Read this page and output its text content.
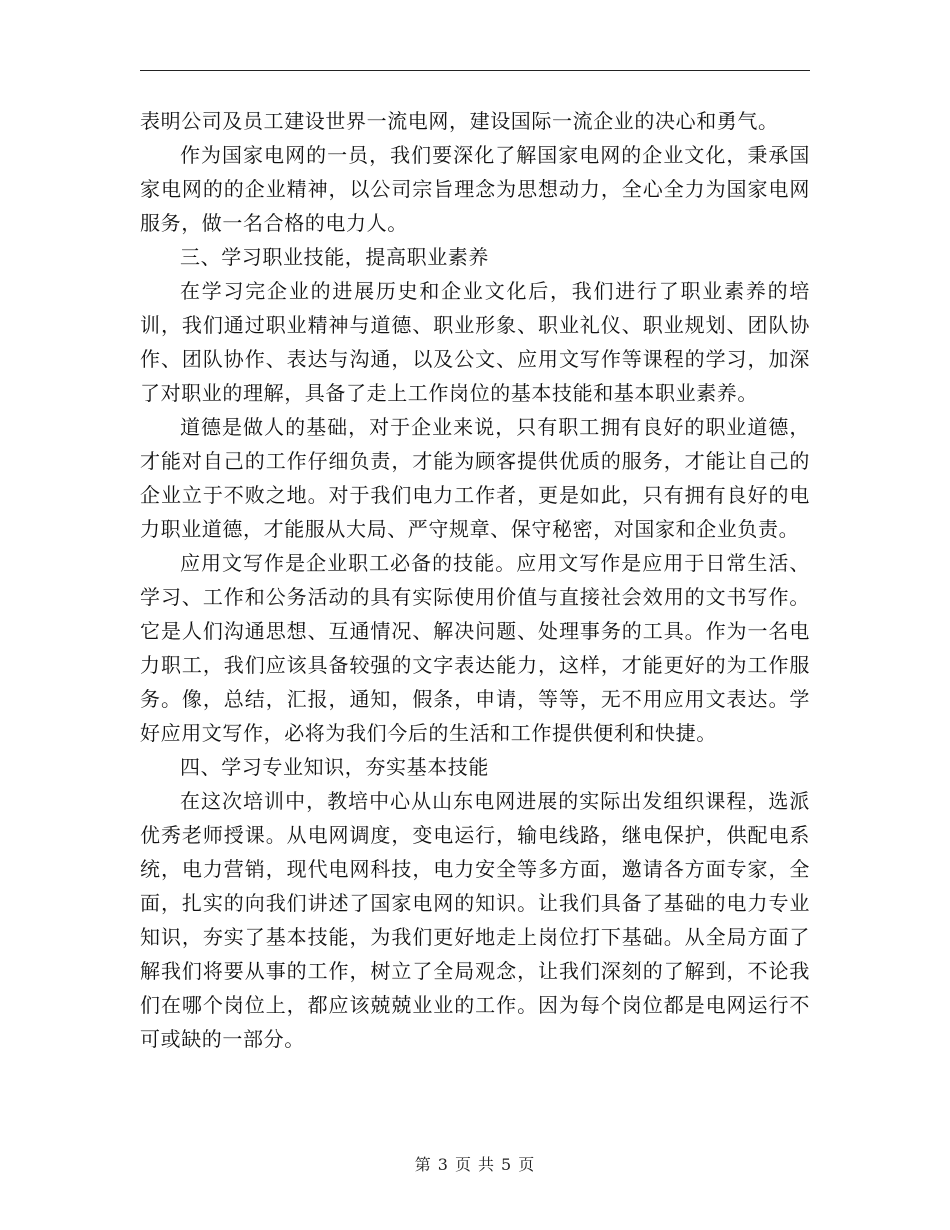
表明公司及员工建设世界一流电网，建设国际一流企业的决心和勇气。

作为国家电网的一员，我们要深化了解国家电网的企业文化，秉承国家电网的的企业精神，以公司宗旨理念为思想动力，全心全力为国家电网服务，做一名合格的电力人。

三、学习职业技能，提高职业素养

在学习完企业的进展历史和企业文化后，我们进行了职业素养的培训，我们通过职业精神与道德、职业形象、职业礼仪、职业规划、团队协作、团队协作、表达与沟通，以及公文、应用文写作等课程的学习，加深了对职业的理解，具备了走上工作岗位的基本技能和基本职业素养。

道德是做人的基础，对于企业来说，只有职工拥有良好的职业道德，才能对自己的工作仔细负责，才能为顾客提供优质的服务，才能让自己的企业立于不败之地。对于我们电力工作者，更是如此，只有拥有良好的电力职业道德，才能服从大局、严守规章、保守秘密，对国家和企业负责。

应用文写作是企业职工必备的技能。应用文写作是应用于日常生活、学习、工作和公务活动的具有实际使用价值与直接社会效用的文书写作。它是人们沟通思想、互通情况、解决问题、处理事务的工具。作为一名电力职工，我们应该具备较强的文字表达能力，这样，才能更好的为工作服务。像，总结，汇报，通知，假条，申请，等等，无不用应用文表达。学好应用文写作，必将为我们今后的生活和工作提供便利和快捷。

四、学习专业知识，夯实基本技能

在这次培训中，教培中心从山东电网进展的实际出发组织课程，选派优秀老师授课。从电网调度，变电运行，输电线路，继电保护，供配电系统，电力营销，现代电网科技，电力安全等多方面，邀请各方面专家，全面，扎实的向我们讲述了国家电网的知识。让我们具备了基础的电力专业知识，夯实了基本技能，为我们更好地走上岗位打下基础。从全局方面了解我们将要从事的工作，树立了全局观念，让我们深刻的了解到，不论我们在哪个岗位上，都应该兢兢业业的工作。因为每个岗位都是电网运行不可或缺的一部分。

第 3 页 共 5 页
